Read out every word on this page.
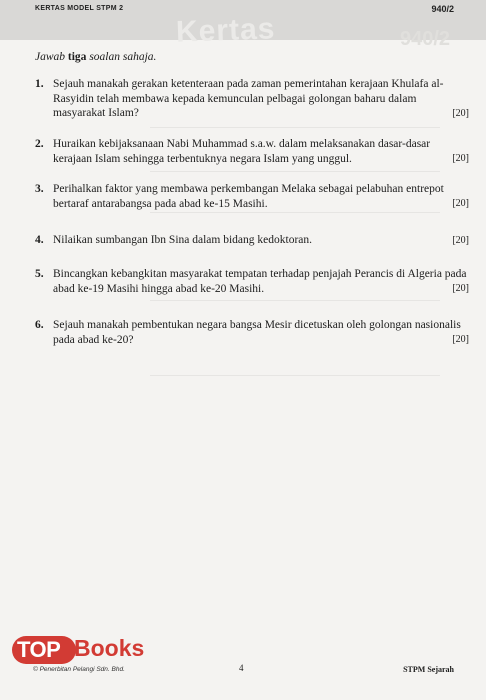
Kertas	940/2
KERTAS MODEL STPM 2	940/2
Jawab tiga soalan sahaja.
1. Sejauh manakah gerakan ketenteraan pada zaman pemerintahan kerajaan Khulafa al-Rasyidin telah membawa kepada kemunculan pelbagai golongan baharu dalam masyarakat Islam?	[20]
2. Huraikan kebijaksanaan Nabi Muhammad s.a.w. dalam melaksanakan dasar-dasar kerajaan Islam sehingga terbentuknya negara Islam yang unggul.	[20]
3. Perihalkan faktor yang membawa perkembangan Melaka sebagai pelabuhan entrepot bertaraf antarabangsa pada abad ke-15 Masihi.	[20]
4. Nilaikan sumbangan Ibn Sina dalam bidang kedoktoran.	[20]
5. Bincangkan kebangkitan masyarakat tempatan terhadap penjajah Perancis di Algeria pada abad ke-19 Masihi hingga abad ke-20 Masihi.	[20]
6. Sejauh manakah pembentukan negara bangsa Mesir dicetuskan oleh golongan nasionalis pada abad ke-20?	[20]
TOP Books
© Penerbitan Pelangi Sdn. Bhd.	4	STPM Sejarah
